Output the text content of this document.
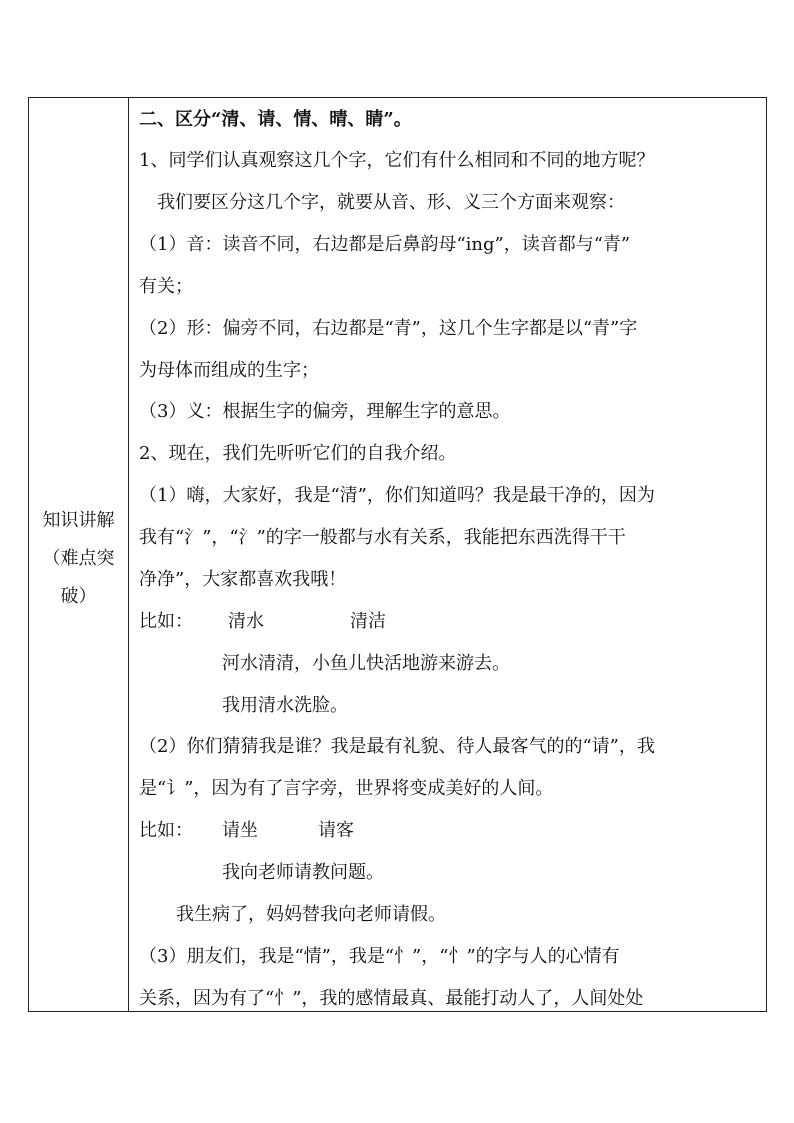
知识讲解
（难点突
破）
二、区分“清、请、情、晴、睛”。
1、同学们认真观察这几个字，它们有什么相同和不同的地方呢？
我们要区分这几个字，就要从音、形、义三个方面来观察：
（1）音：读音不同，右边都是后鼻韵母“ing”，读音都与“青”
有关；
（2）形：偏旁不同，右边都是“青”，这几个生字都是以“青”字
为母体而组成的生字；
（3）义：根据生字的偏旁，理解生字的意思。
2、现在，我们先听听它们的自我介绍。
（1）嗨，大家好，我是“清”，你们知道吗？我是最干净的，因为
我有“氵”，“氵”的字一般都与水有关系，我能把东西洗得干干
净净”，大家都喜欢我哦！
比如： 清水	清洁
河水清清，小鱼儿快活地游来游去。
我用清水洗脸。
（2）你们猜猜我是谁？我是最有礼貌、待人最客气的的“请”，我
是“讠”，因为有了言字旁，世界将变成美好的人间。
比如： 请坐	请客
我向老师请教问题。
我生病了，妈妈替我向老师请假。
（3）朋友们，我是“情”，我是“忄”，“忄”的字与人的心情有
关系，因为有了“忄”，我的感情最真、最能打动人了，人间处处
